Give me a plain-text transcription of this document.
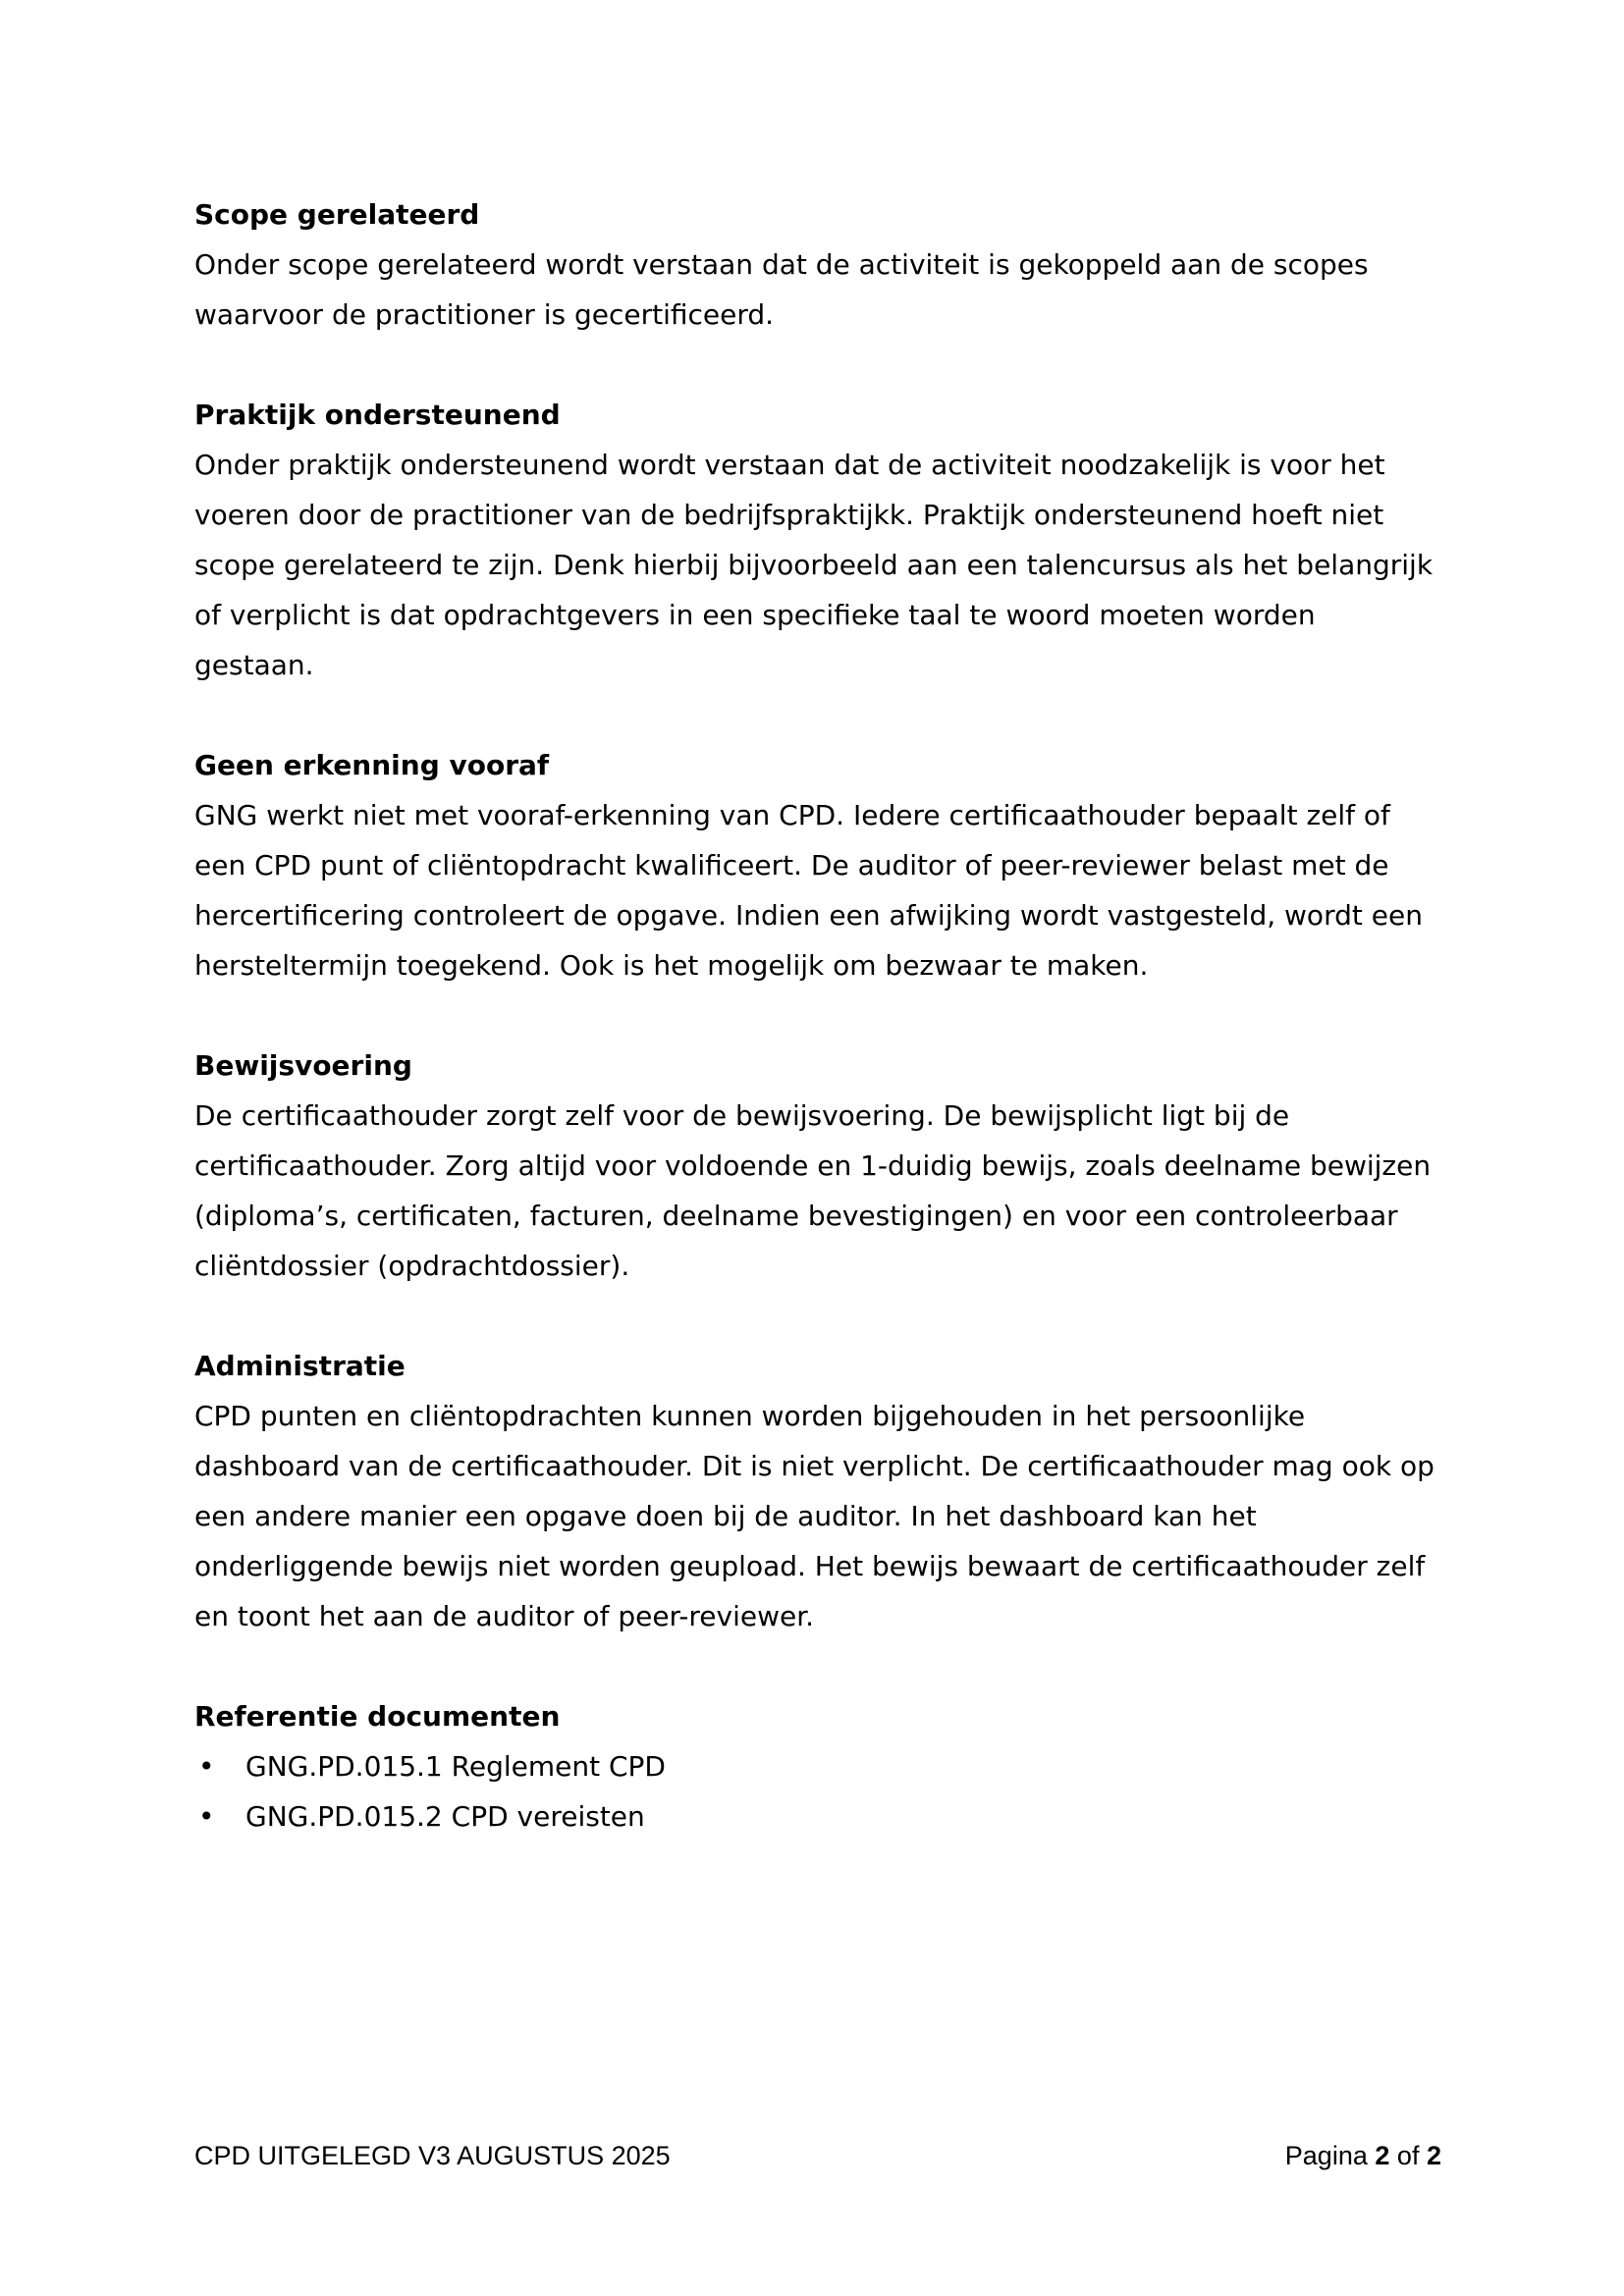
Scope gerelateerd

Onder scope gerelateerd wordt verstaan dat de activiteit is gekoppeld aan de scopes

waarvoor de practitioner is gecertificeerd.

Praktijk ondersteunend

Onder praktijk ondersteunend wordt verstaan dat de activiteit noodzakelijk is voor het

voeren door de practitioner van de bedrijfspraktijkk. Praktijk ondersteunend hoeft niet

scope gerelateerd te zijn. Denk hierbij bijvoorbeeld aan een talencursus als het belangrijk

of verplicht is dat opdrachtgevers in een specifieke taal te woord moeten worden

gestaan.

Geen erkenning vooraf

GNG werkt niet met vooraf-erkenning van CPD. Iedere certificaathouder bepaalt zelf of

een CPD punt of cliëntopdracht kwalificeert. De auditor of peer-reviewer belast met de

hercertificering controleert de opgave. Indien een afwijking wordt vastgesteld, wordt een

hersteltermijn toegekend. Ook is het mogelijk om bezwaar te maken.

Bewijsvoering

De certificaathouder zorgt zelf voor de bewijsvoering. De bewijsplicht ligt bij de

certificaathouder. Zorg altijd voor voldoende en 1-duidig bewijs, zoals deelname bewijzen

(diploma’s, certificaten, facturen, deelname bevestigingen) en voor een controleerbaar

cliëntdossier (opdrachtdossier).

Administratie

CPD punten en cliëntopdrachten kunnen worden bijgehouden in het persoonlijke

dashboard van de certificaathouder. Dit is niet verplicht. De certificaathouder mag ook op

een andere manier een opgave doen bij de auditor. In het dashboard kan het

onderliggende bewijs niet worden geupload. Het bewijs bewaart de certificaathouder zelf

en toont het aan de auditor of peer-reviewer.

Referentie documenten

• GNG.PD.015.1 Reglement CPD
• GNG.PD.015.2 CPD vereisten
CPD UITGELEGD V3 AUGUSTUS 2025	Pagina 2 of 2
